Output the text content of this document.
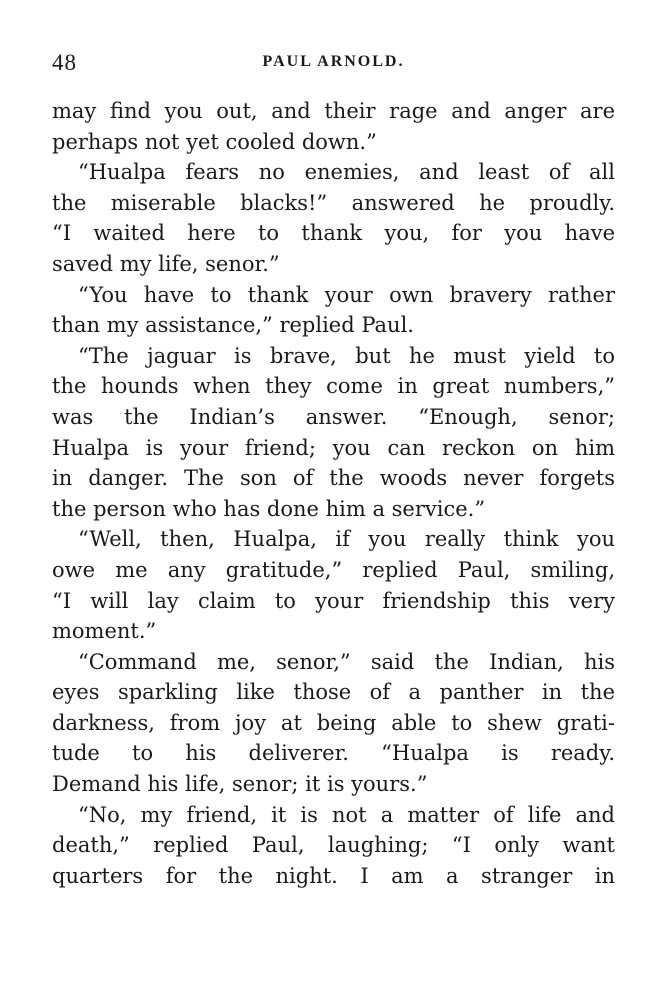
48	PAUL ARNOLD.
may find you out, and their rage and anger are
perhaps not yet cooled down.”
“Hualpa fears no enemies, and least of all
the miserable blacks!” answered he proudly.
“I waited here to thank you, for you have
saved my life, senor.”
“You have to thank your own bravery rather
than my assistance,” replied Paul.
“The jaguar is brave, but he must yield to
the hounds when they come in great numbers,”
was the Indian’s answer. “Enough, senor;
Hualpa is your friend; you can reckon on him
in danger. The son of the woods never forgets
the person who has done him a service.”
“Well, then, Hualpa, if you really think you
owe me any gratitude,” replied Paul, smiling,
“I will lay claim to your friendship this very
moment.”
“Command me, senor,” said the Indian, his
eyes sparkling like those of a panther in the
darkness, from joy at being able to shew grati-
tude to his deliverer. “Hualpa is ready.
Demand his life, senor; it is yours.”
“No, my friend, it is not a matter of life and
death,” replied Paul, laughing; “I only want
quarters for the night. I am a stranger in
